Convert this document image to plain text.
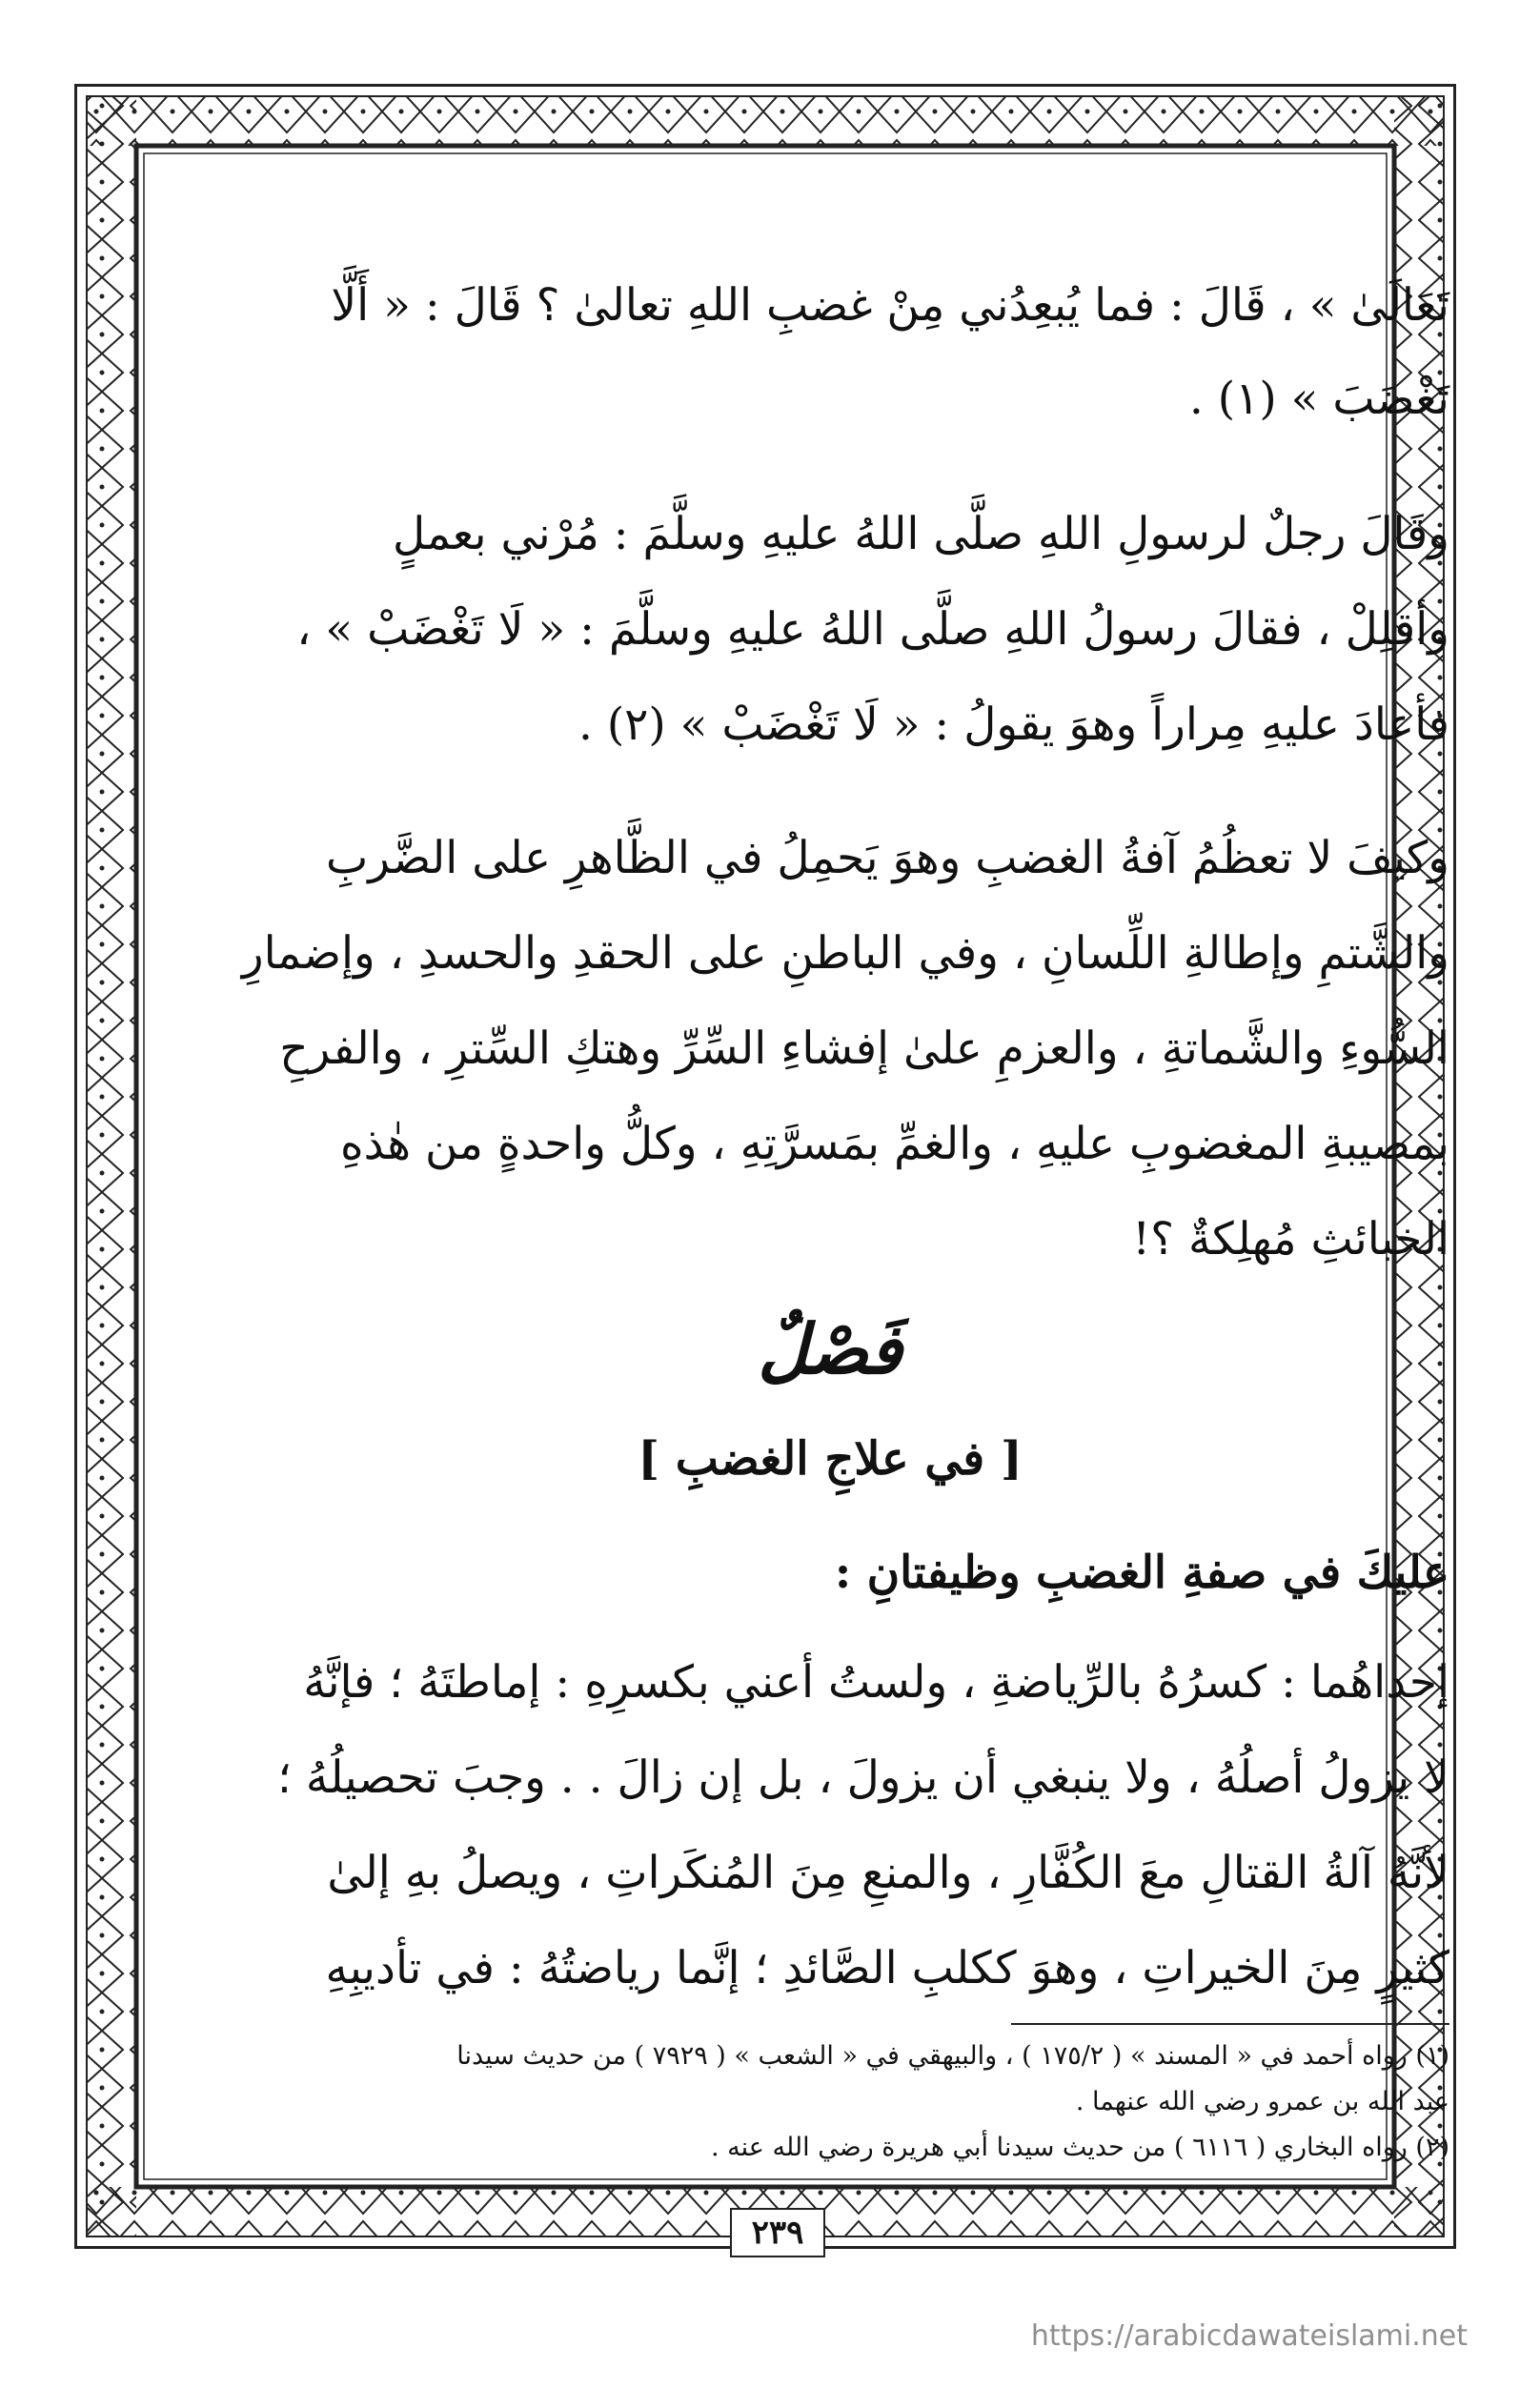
تَعَالَىٰ » ، قَالَ : فما يُبعِدُني مِنْ غضبِ اللهِ تعالىٰ ؟ قَالَ : « أَلَّا
تَغْضَبَ » (١) .
وقَالَ رجلٌ لرسولِ اللهِ صلَّى اللهُ عليهِ وسلَّمَ : مُرْني بعملٍ
وأقلِلْ ، فقالَ رسولُ اللهِ صلَّى اللهُ عليهِ وسلَّمَ : « لَا تَغْضَبْ » ،
فأعادَ عليهِ مِراراً وهوَ يقولُ : « لَا تَغْضَبْ » (٢) .
وكيفَ لا تعظُمُ آفةُ الغضبِ وهوَ يَحمِلُ في الظَّاهرِ على الضَّربِ
والشَّتمِ وإطالةِ اللِّسانِ ، وفي الباطنِ على الحقدِ والحسدِ ، وإضمارِ
السُّوءِ والشَّماتةِ ، والعزمِ علىٰ إفشاءِ السِّرِّ وهتكِ السِّترِ ، والفرحِ
بمصيبةِ المغضوبِ عليهِ ، والغمِّ بمَسرَّتِهِ ، وكلُّ واحدةٍ من هٰذهِ
الخبائثِ مُهلِكةٌ ؟!
فَصْلٌ
[ في علاجِ الغضبِ ]
عليكَ في صفةِ الغضبِ وظيفتانِ :
إحداهُما : كسرُهُ بالرِّياضةِ ، ولستُ أعني بكسرِهِ : إماطتَهُ ؛ فإنَّهُ
لا يزولُ أصلُهُ ، ولا ينبغي أن يزولَ ، بل إن زالَ . . وجبَ تحصيلُهُ ؛
لأنَّهُ آلةُ القتالِ معَ الكُفَّارِ ، والمنعِ مِنَ المُنكَراتِ ، ويصلُ بهِ إلىٰ
كثيرٍ مِنَ الخيراتِ ، وهوَ ككلبِ الصَّائدِ ؛ إنَّما رياضتُهُ : في تأديبِهِ
(١) رواه أحمد في « المسند » ( ١٧٥/٢ ) ، والبيهقي في « الشعب » ( ٧٩٢٩ ) من حديث سيدنا
عبد الله بن عمرو رضي الله عنهما .
(٢) رواه البخاري ( ٦١١٦ ) من حديث سيدنا أبي هريرة رضي الله عنه .
٢٣٩
https://arabicdawateislami.net
